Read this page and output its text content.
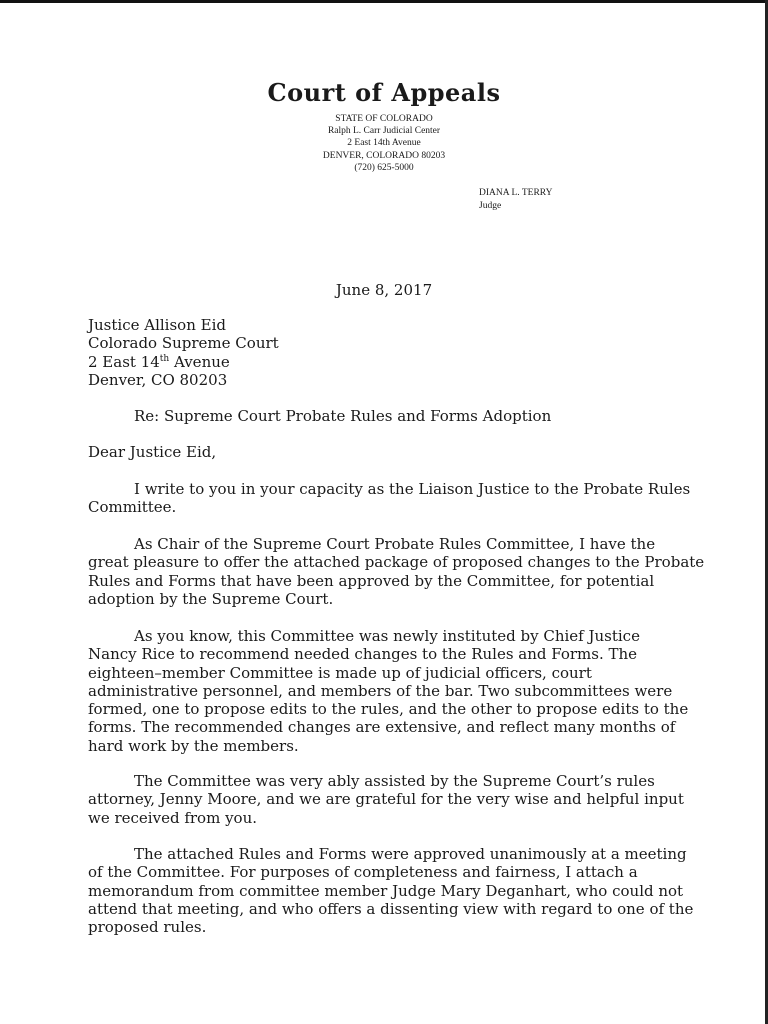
Court of Appeals
STATE OF COLORADO
Ralph L. Carr Judicial Center
2 East 14th Avenue
DENVER, COLORADO 80203
(720) 625-5000
DIANA L. TERRY
Judge
June 8, 2017

Justice Allison Eid

Colorado Supreme Court

2 East 14th Avenue

Denver, CO 80203

Re: Supreme Court Probate Rules and Forms Adoption

Dear Justice Eid,

I write to you in your capacity as the Liaison Justice to the Probate Rules

Committee.

As Chair of the Supreme Court Probate Rules Committee, I have the

great pleasure to offer the attached package of proposed changes to the Probate

Rules and Forms that have been approved by the Committee, for potential

adoption by the Supreme Court.

As you know, this Committee was newly instituted by Chief Justice

Nancy Rice to recommend needed changes to the Rules and Forms. The

eighteen–member Committee is made up of judicial officers, court

administrative personnel, and members of the bar. Two subcommittees were

formed, one to propose edits to the rules, and the other to propose edits to the

forms. The recommended changes are extensive, and reflect many months of

hard work by the members.

The Committee was very ably assisted by the Supreme Court’s rules

attorney, Jenny Moore, and we are grateful for the very wise and helpful input

we received from you.

The attached Rules and Forms were approved unanimously at a meeting

of the Committee. For purposes of completeness and fairness, I attach a

memorandum from committee member Judge Mary Deganhart, who could not

attend that meeting, and who offers a dissenting view with regard to one of the

proposed rules.
